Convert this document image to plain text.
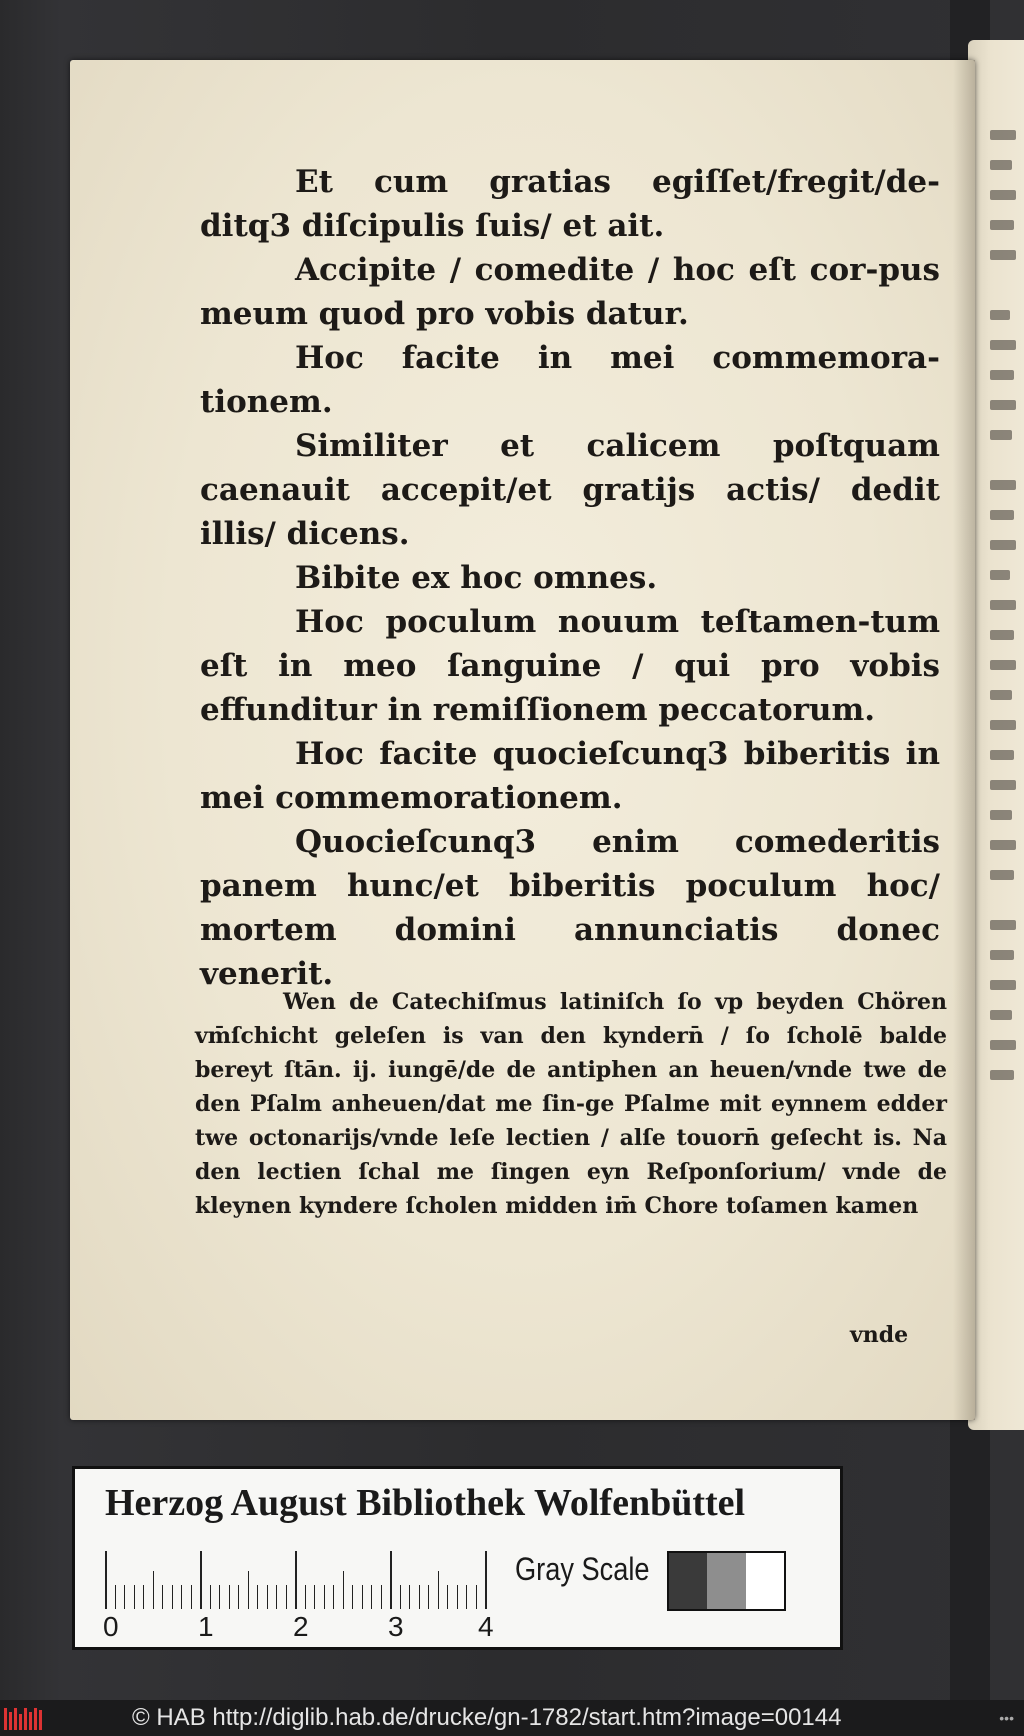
Et cum gratias egiſſet/fregit/de-ditq3 diſcipulis ſuis/ et ait.
Accipite / comedite / hoc eſt cor-pus meum quod pro vobis datur.
Hoc facite in mei commemora-tionem.
Similiter et calicem poſtquam caenauit accepit/et gratijs actis/ dedit illis/ dicens.
Bibite ex hoc omnes.
Hoc poculum nouum teſtamen-tum eſt in meo ſanguine / qui pro vobis effunditur in remiſſionem peccatorum.
Hoc facite quocieſcunq3 biberitis in mei commemorationem.
Quocieſcunq3 enim comederitis panem hunc/et biberitis poculum hoc/ mortem domini annunciatis donec venerit.

Wen de Catechiſmus latiniſch ſo vp beyden Chören vm̄ſchicht geleſen is van den kyndern̄ / ſo ſcholē balde bereyt ſtān. ij. iungē/de de antiphen an heuen/vnde twe de den Pſalm anheuen/dat me ſin-ge Pſalme mit eynnem edder twe octonarijs/vnde leſe lectien / alſe touorn̄ geſecht is. Na den lectien ſchal me ſingen eyn Reſponſorium/ vnde de kleynen kyndere ſcholen midden im̄ Chore toſamen kamen

vnde
Herzog August Bibliothek Wolfenbüttel
0	1	2	3	4
Gray Scale
© HAB http://diglib.hab.de/drucke/gn-1782/start.htm?image=00144	•••
